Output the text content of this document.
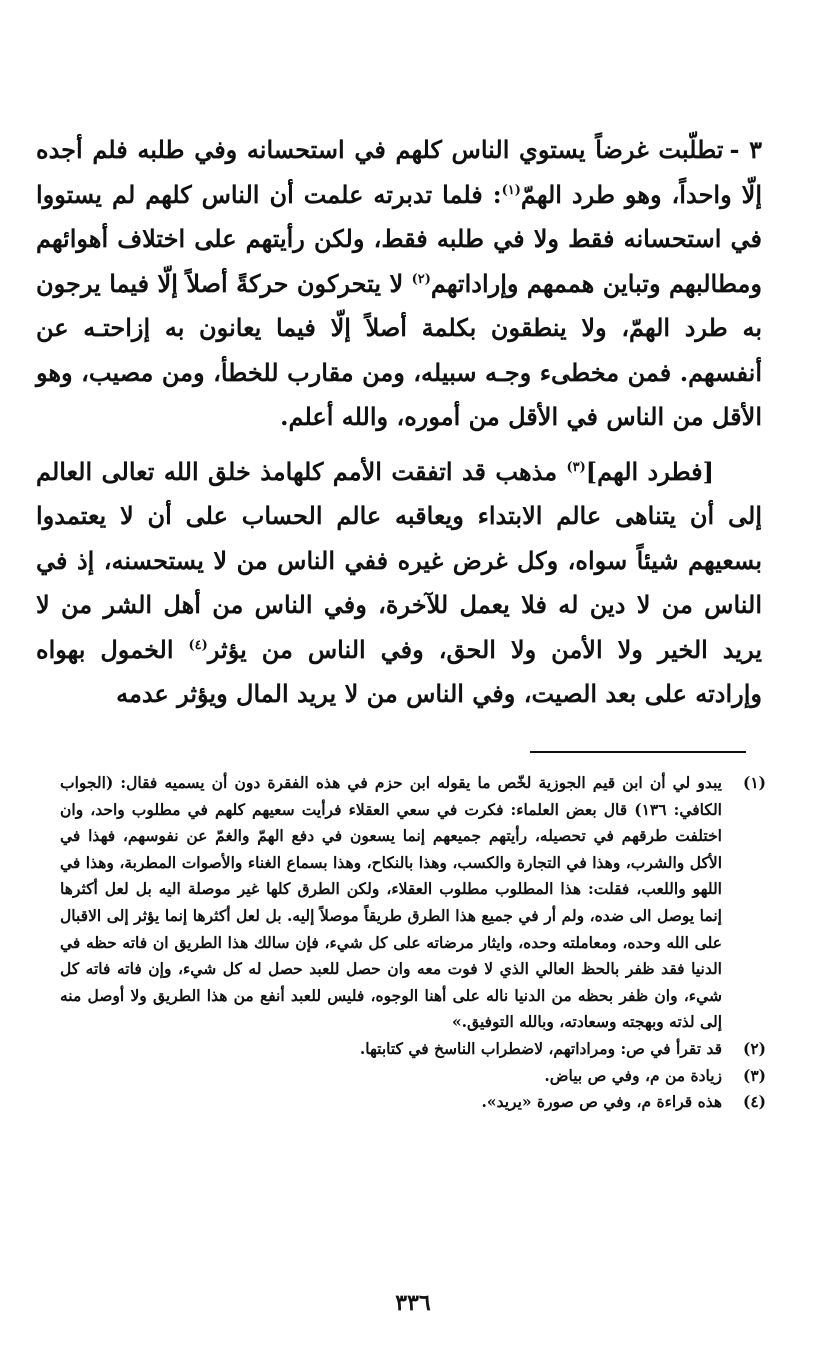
٣ -تطلّبت غرضاً يستوي الناس كلهم في استحسانه وفي طلبه فلم أجده إلّا واحداً، وهو طرد الهمّ$^{(١)}$: فلما تدبرته علمت أن الناس كلهم لم يستووا في استحسانه فقط ولا في طلبه فقط، ولكن رأيتهم على اختلاف أهوائهم ومطالبهم وتباين هممهم وإراداتهم$^{(٢)}$ لا يتحركون حركةً أصلاً إلّا فيما يرجون به طرد الهمّ، ولا ينطقون بكلمة أصلاً إلّا فيما يعانون به إزاحتـه عن أنفسهم. فمن مخطىء وجـه سبيله، ومن مقارب للخطأ، ومن مصيب، وهو الأقل من الناس في الأقل من أموره، والله أعلم.

[فطرد الهم]$^{(٣)}$ مذهب قد اتفقت الأمم كلهامذ خلق الله تعالى العالم إلى أن يتناهى عالم الابتداء ويعاقبه عالم الحساب على أن لا يعتمدوا بسعيهم شيئاً سواه، وكل غرض غيره ففي الناس من لا يستحسنه، إذ في الناس من لا دين له فلا يعمل للآخرة، وفي الناس من أهل الشر من لا يريد الخير ولا الأمن ولا الحق، وفي الناس من يؤثر$^{(٤)}$ الخمول بهواه وإرادته على بعد الصيت، وفي الناس من لا يريد المال ويؤثر عدمه

(١)
يبدو لي أن ابن قيم الجوزية لخّص ما يقوله ابن حزم في هذه الفقرة دون أن يسميه فقال: (الجواب الكافي: ١٣٦) قال بعض العلماء: فكرت في سعي العقلاء فرأيت سعيهم كلهم في مطلوب واحد، وان اختلفت طرقهم في تحصيله، رأيتهم جميعهم إنما يسعون في دفع الهمّ والغمّ عن نفوسهم، فهذا في الأكل والشرب، وهذا في التجارة والكسب، وهذا بالنكاح، وهذا بسماع الغناء والأصوات المطربة، وهذا في اللهو واللعب، فقلت: هذا المطلوب مطلوب العقلاء، ولكن الطرق كلها غير موصلة اليه بل لعل أكثرها إنما يوصل الى ضده، ولم أر في جميع هذا الطرق طريقاً موصلاً إليه. بل لعل أكثرها إنما يؤثر إلى الاقبال على الله وحده، ومعاملته وحده، وايثار مرضاته على كل شيء، فإن سالك هذا الطريق ان فاته حظه في الدنيا فقد ظفر بالحظ العالي الذي لا فوت معه وان حصل للعبد حصل له كل شيء، وإن فاته فاته كل شيء، وان ظفر بحظه من الدنيا ناله على أهنا الوجوه، فليس للعبد أنفع من هذا الطريق ولا أوصل منه إلى لذته وبهجته وسعادته، وبالله التوفيق.»
(٢)
قد تقرأ في ص: ومراداتهم، لاضطراب الناسخ في كتابتها.
(٣)
زيادة من م، وفي ص بياض.
(٤)
هذه قراءة م، وفي ص صورة «يريد».
٣٣٦
